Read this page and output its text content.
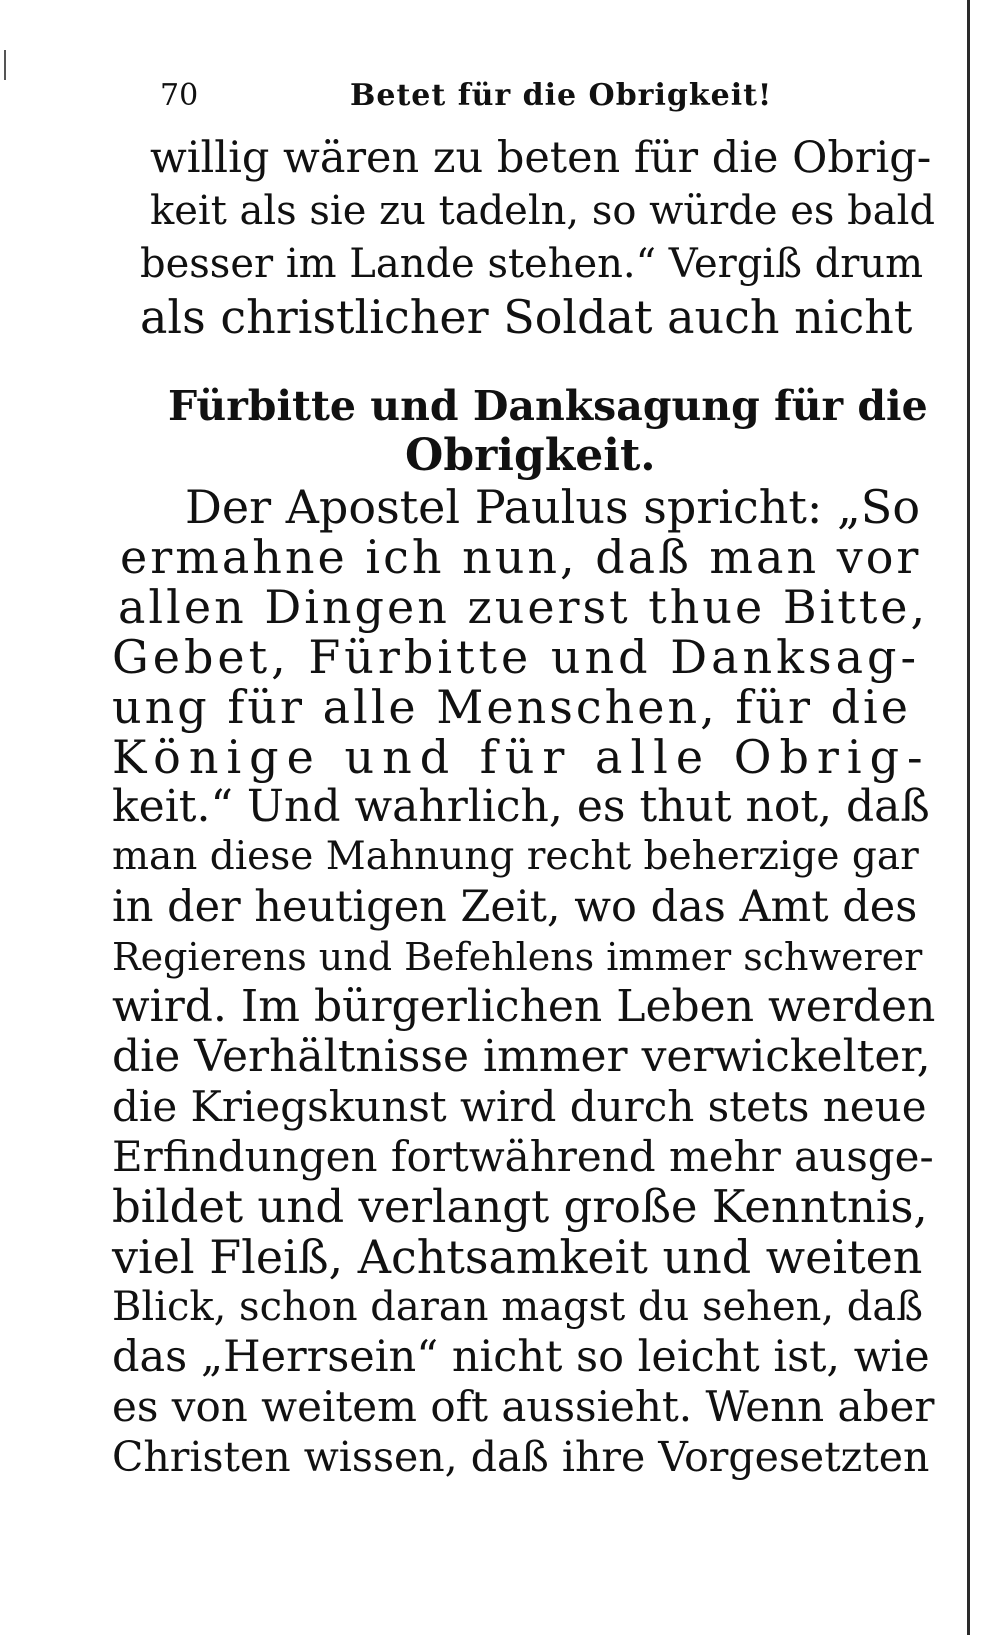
70	Betet für die Obrigkeit!
willig wären zu beten für die Obrig-
keit als sie zu tadeln, so würde es bald
besser im Lande stehen.“ Vergiß drum
als christlicher Soldat auch nicht
Fürbitte und Danksagung für die
Obrigkeit.
Der Apostel Paulus spricht: „So
ermahne ich nun, daß man vor
allen Dingen zuerst thue Bitte,
Gebet, Fürbitte und Danksag-
ung für alle Menschen, für die
Könige und für alle Obrig-
keit.“ Und wahrlich, es thut not, daß
man diese Mahnung recht beherzige gar
in der heutigen Zeit, wo das Amt des
Regierens und Befehlens immer schwerer
wird. Im bürgerlichen Leben werden
die Verhältnisse immer verwickelter,
die Kriegskunst wird durch stets neue
Erfindungen fortwährend mehr ausge-
bildet und verlangt große Kenntnis,
viel Fleiß, Achtsamkeit und weiten
Blick, schon daran magst du sehen, daß
das „Herrsein“ nicht so leicht ist, wie
es von weitem oft aussieht. Wenn aber
Christen wissen, daß ihre Vorgesetzten
